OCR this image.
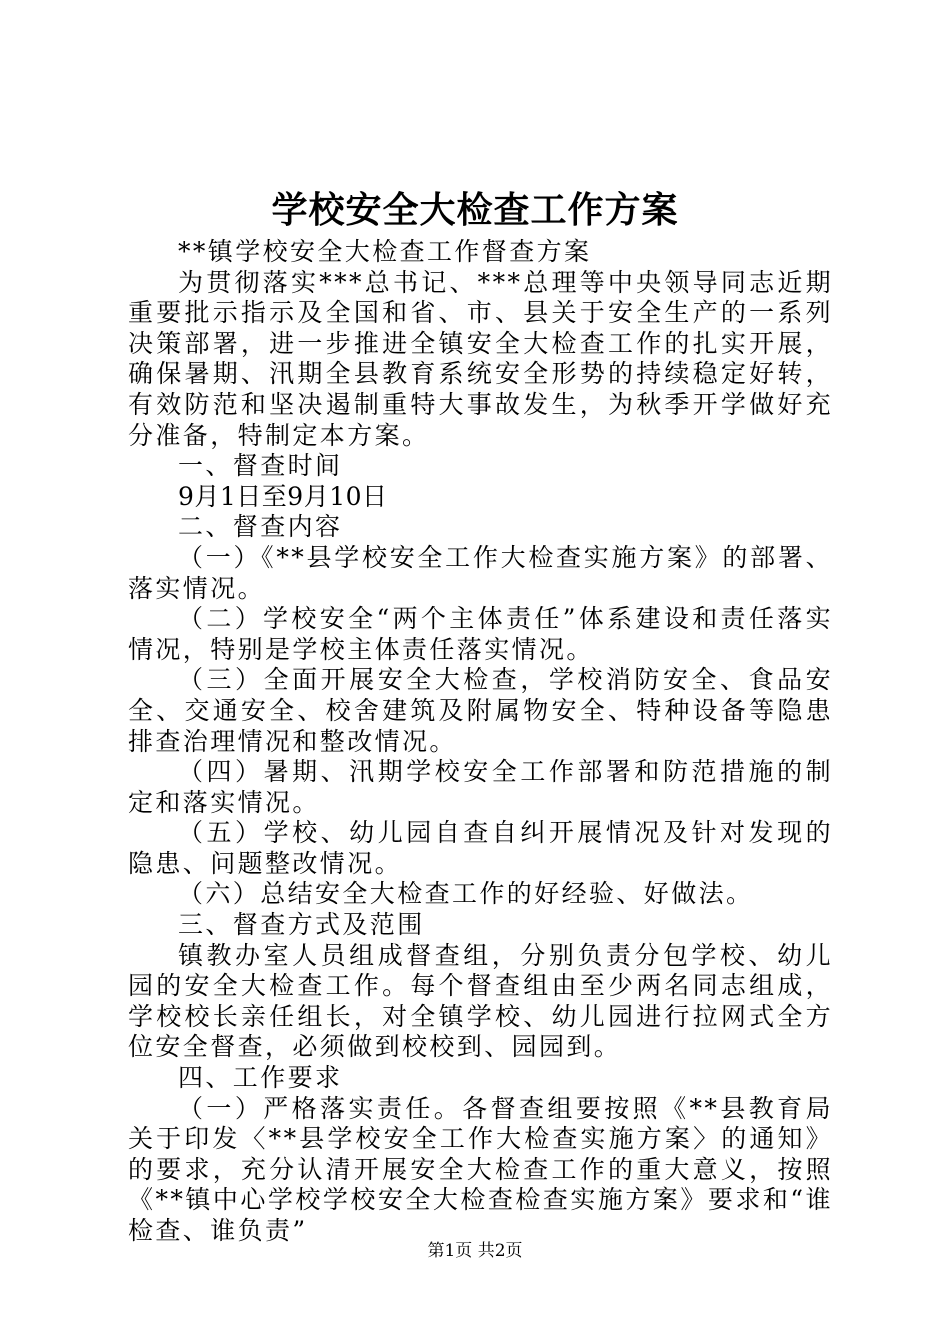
学校安全大检查工作方案

**镇学校安全大检查工作督查方案

为贯彻落实***总书记、***总理等中央领导同志近期重要批示指示及全国和省、市、县关于安全生产的一系列决策部署，进一步推进全镇安全大检查工作的扎实开展，确保暑期、汛期全县教育系统安全形势的持续稳定好转，有效防范和坚决遏制重特大事故发生，为秋季开学做好充分准备，特制定本方案。

一、督查时间

9月1日至9月10日

二、督查内容

（一）《**县学校安全工作大检查实施方案》的部署、落实情况。

（二）学校安全“两个主体责任”体系建设和责任落实情况，特别是学校主体责任落实情况。

（三）全面开展安全大检查，学校消防安全、食品安全、交通安全、校舍建筑及附属物安全、特种设备等隐患排查治理情况和整改情况。

（四）暑期、汛期学校安全工作部署和防范措施的制定和落实情况。

（五）学校、幼儿园自查自纠开展情况及针对发现的隐患、问题整改情况。

（六）总结安全大检查工作的好经验、好做法。

三、督查方式及范围

镇教办室人员组成督查组，分别负责分包学校、幼儿园的安全大检查工作。每个督查组由至少两名同志组成，学校校长亲任组长，对全镇学校、幼儿园进行拉网式全方位安全督查，必须做到校校到、园园到。

四、工作要求

（一）严格落实责任。各督查组要按照《**县教育局关于印发〈**县学校安全工作大检查实施方案〉的通知》的要求，充分认清开展安全大检查工作的重大意义，按照《**镇中心学校学校安全大检查检查实施方案》要求和“谁检查、谁负责”

第1页 共2页
